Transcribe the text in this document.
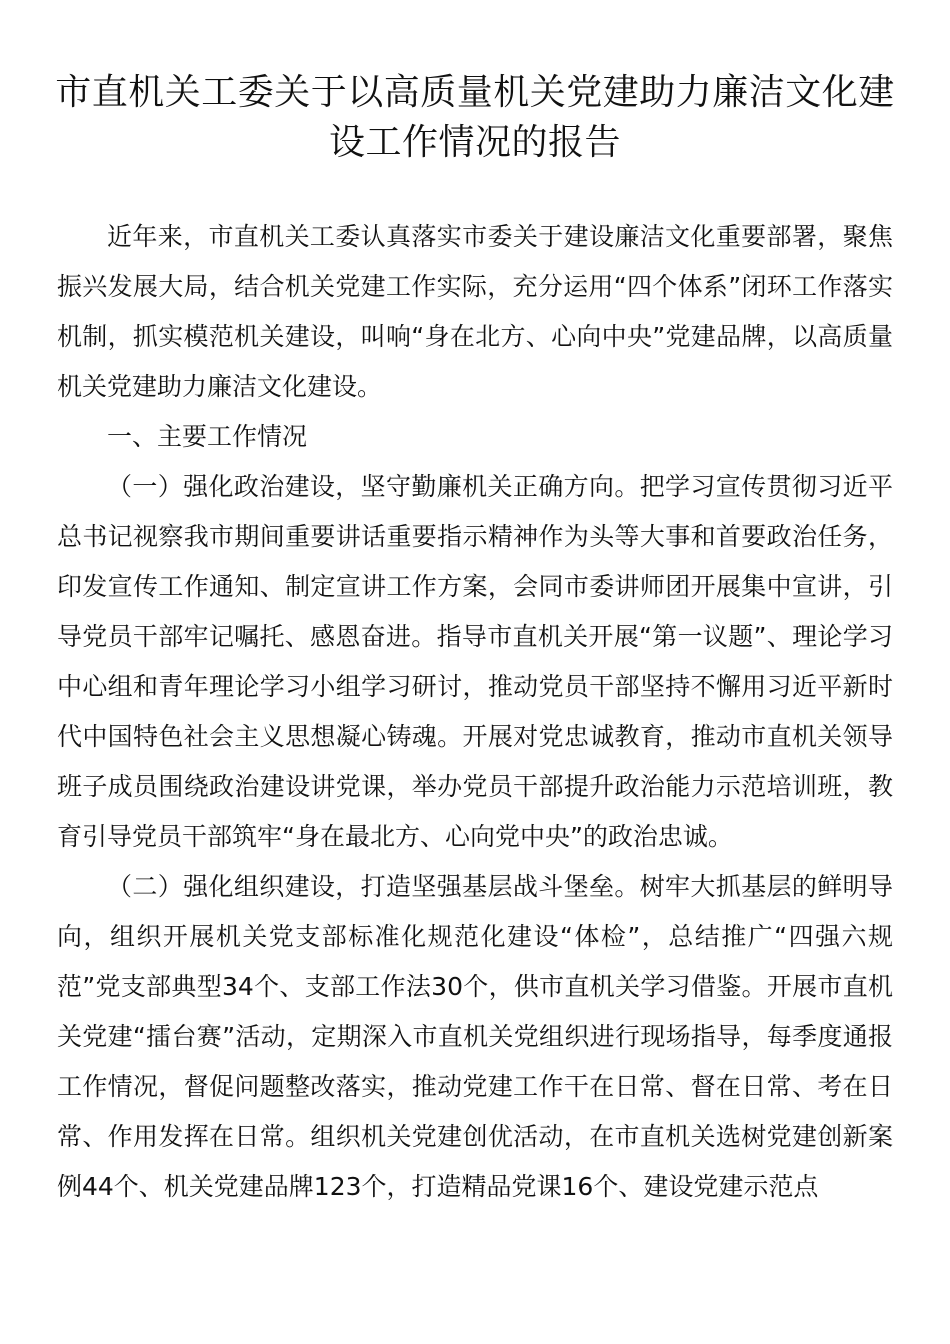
市直机关工委关于以高质量机关党建助力廉洁文化建设工作情况的报告

近年来，市直机关工委认真落实市委关于建设廉洁文化重要部署，聚焦振兴发展大局，结合机关党建工作实际，充分运用“四个体系”闭环工作落实机制，抓实模范机关建设，叫响“身在北方、心向中央”党建品牌，以高质量机关党建助力廉洁文化建设。

一、主要工作情况

（一）强化政治建设，坚守勤廉机关正确方向。把学习宣传贯彻习近平总书记视察我市期间重要讲话重要指示精神作为头等大事和首要政治任务，印发宣传工作通知、制定宣讲工作方案，会同市委讲师团开展集中宣讲，引导党员干部牢记嘱托、感恩奋进。指导市直机关开展“第一议题”、理论学习中心组和青年理论学习小组学习研讨，推动党员干部坚持不懈用习近平新时代中国特色社会主义思想凝心铸魂。开展对党忠诚教育，推动市直机关领导班子成员围绕政治建设讲党课，举办党员干部提升政治能力示范培训班，教育引导党员干部筑牢“身在最北方、心向党中央”的政治忠诚。

（二）强化组织建设，打造坚强基层战斗堡垒。树牢大抓基层的鲜明导向，组织开展机关党支部标准化规范化建设“体检”，总结推广“四强六规范”党支部典型34个、支部工作法30个，供市直机关学习借鉴。开展市直机关党建“擂台赛”活动，定期深入市直机关党组织进行现场指导，每季度通报工作情况，督促问题整改落实，推动党建工作干在日常、督在日常、考在日常、作用发挥在日常。组织机关党建创优活动，在市直机关选树党建创新案例44个、机关党建品牌123个，打造精品党课16个、建设党建示范点
